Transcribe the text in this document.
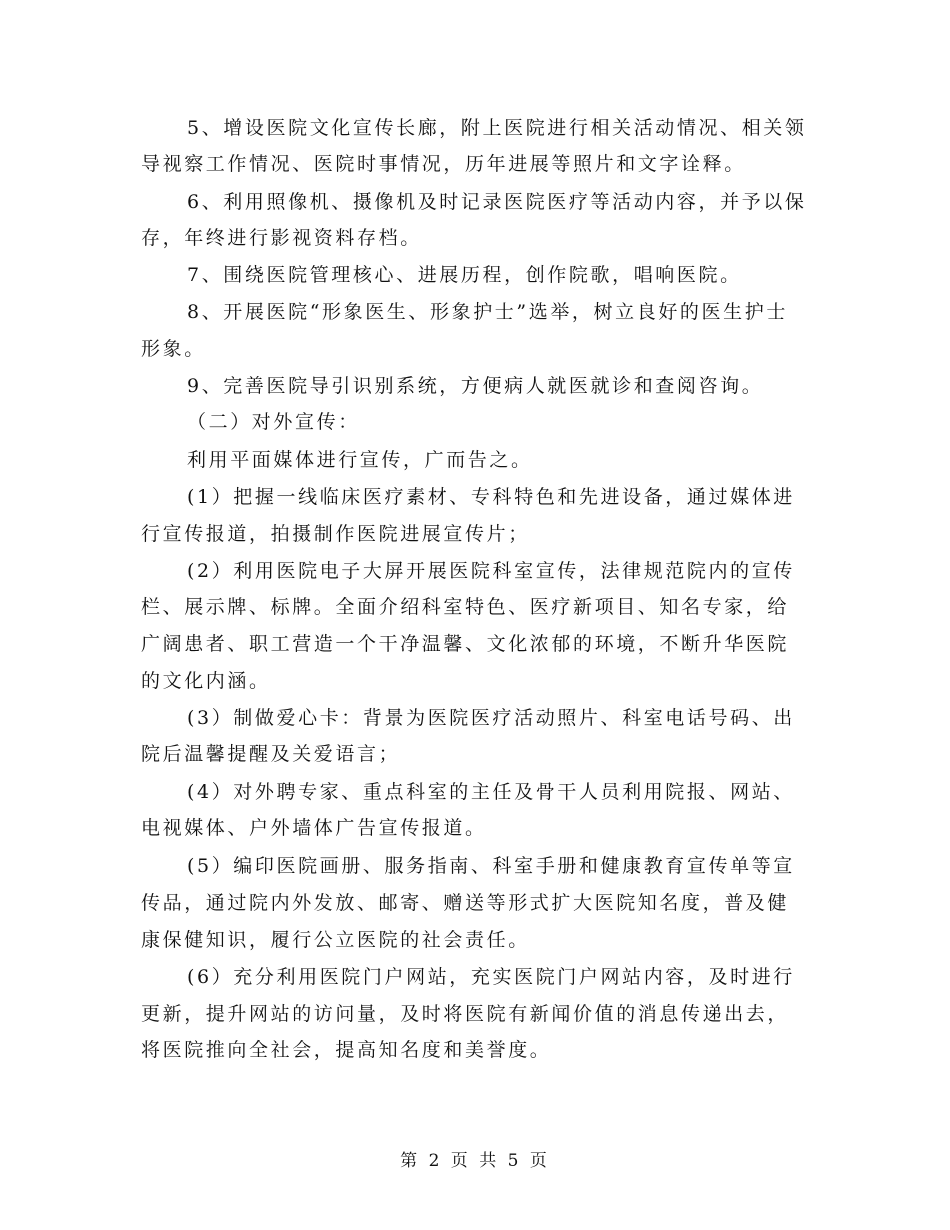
5、增设医院文化宣传长廊，附上医院进行相关活动情况、相关领
导视察工作情况、医院时事情况，历年进展等照片和文字诠释。
6、利用照像机、摄像机及时记录医院医疗等活动内容，并予以保
存，年终进行影视资料存档。
7、围绕医院管理核心、进展历程，创作院歌，唱响医院。
8、开展医院“形象医生、形象护士”选举，树立良好的医生护士
形象。
9、完善医院导引识别系统，方便病人就医就诊和查阅咨询。
（二）对外宣传：
利用平面媒体进行宣传，广而告之。
(1）把握一线临床医疗素材、专科特色和先进设备，通过媒体进
行宣传报道，拍摄制作医院进展宣传片；
(2）利用医院电子大屏开展医院科室宣传，法律规范院内的宣传
栏、展示牌、标牌。全面介绍科室特色、医疗新项目、知名专家，给
广阔患者、职工营造一个干净温馨、文化浓郁的环境，不断升华医院
的文化内涵。
(3）制做爱心卡：背景为医院医疗活动照片、科室电话号码、出
院后温馨提醒及关爱语言；
(4）对外聘专家、重点科室的主任及骨干人员利用院报、网站、
电视媒体、户外墙体广告宣传报道。
(5）编印医院画册、服务指南、科室手册和健康教育宣传单等宣
传品，通过院内外发放、邮寄、赠送等形式扩大医院知名度，普及健
康保健知识，履行公立医院的社会责任。
(6）充分利用医院门户网站，充实医院门户网站内容，及时进行
更新，提升网站的访问量，及时将医院有新闻价值的消息传递出去，
将医院推向全社会，提高知名度和美誉度。
第 2 页 共 5 页
